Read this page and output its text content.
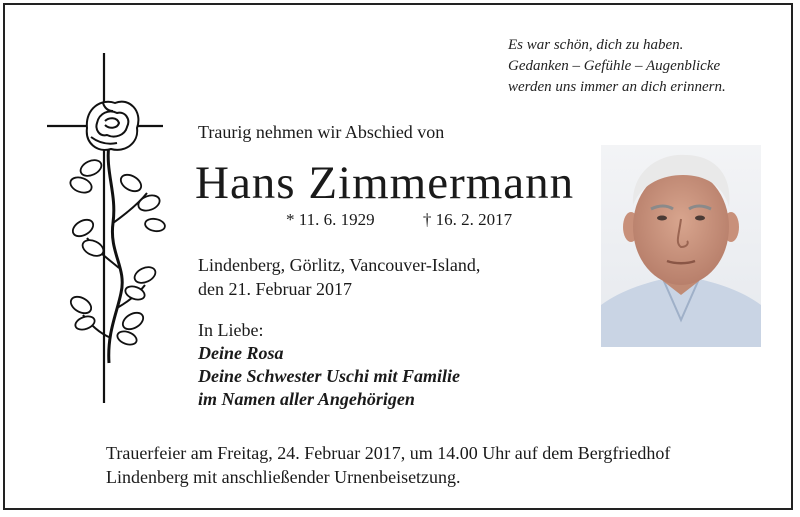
Es war schön, dich zu haben.
Gedanken – Gefühle – Augenblicke
werden uns immer an dich erinnern.
Traurig nehmen wir Abschied von
Hans Zimmermann
* 11. 6. 1929	† 16. 2. 2017
Lindenberg, Görlitz, Vancouver-Island,
den 21. Februar 2017
In Liebe:
Deine Rosa
Deine Schwester Uschi mit Familie
im Namen aller Angehörigen
Trauerfeier am Freitag, 24. Februar 2017, um 14.00 Uhr auf dem Bergfriedhof
Lindenberg mit anschließender Urnenbeisetzung.
